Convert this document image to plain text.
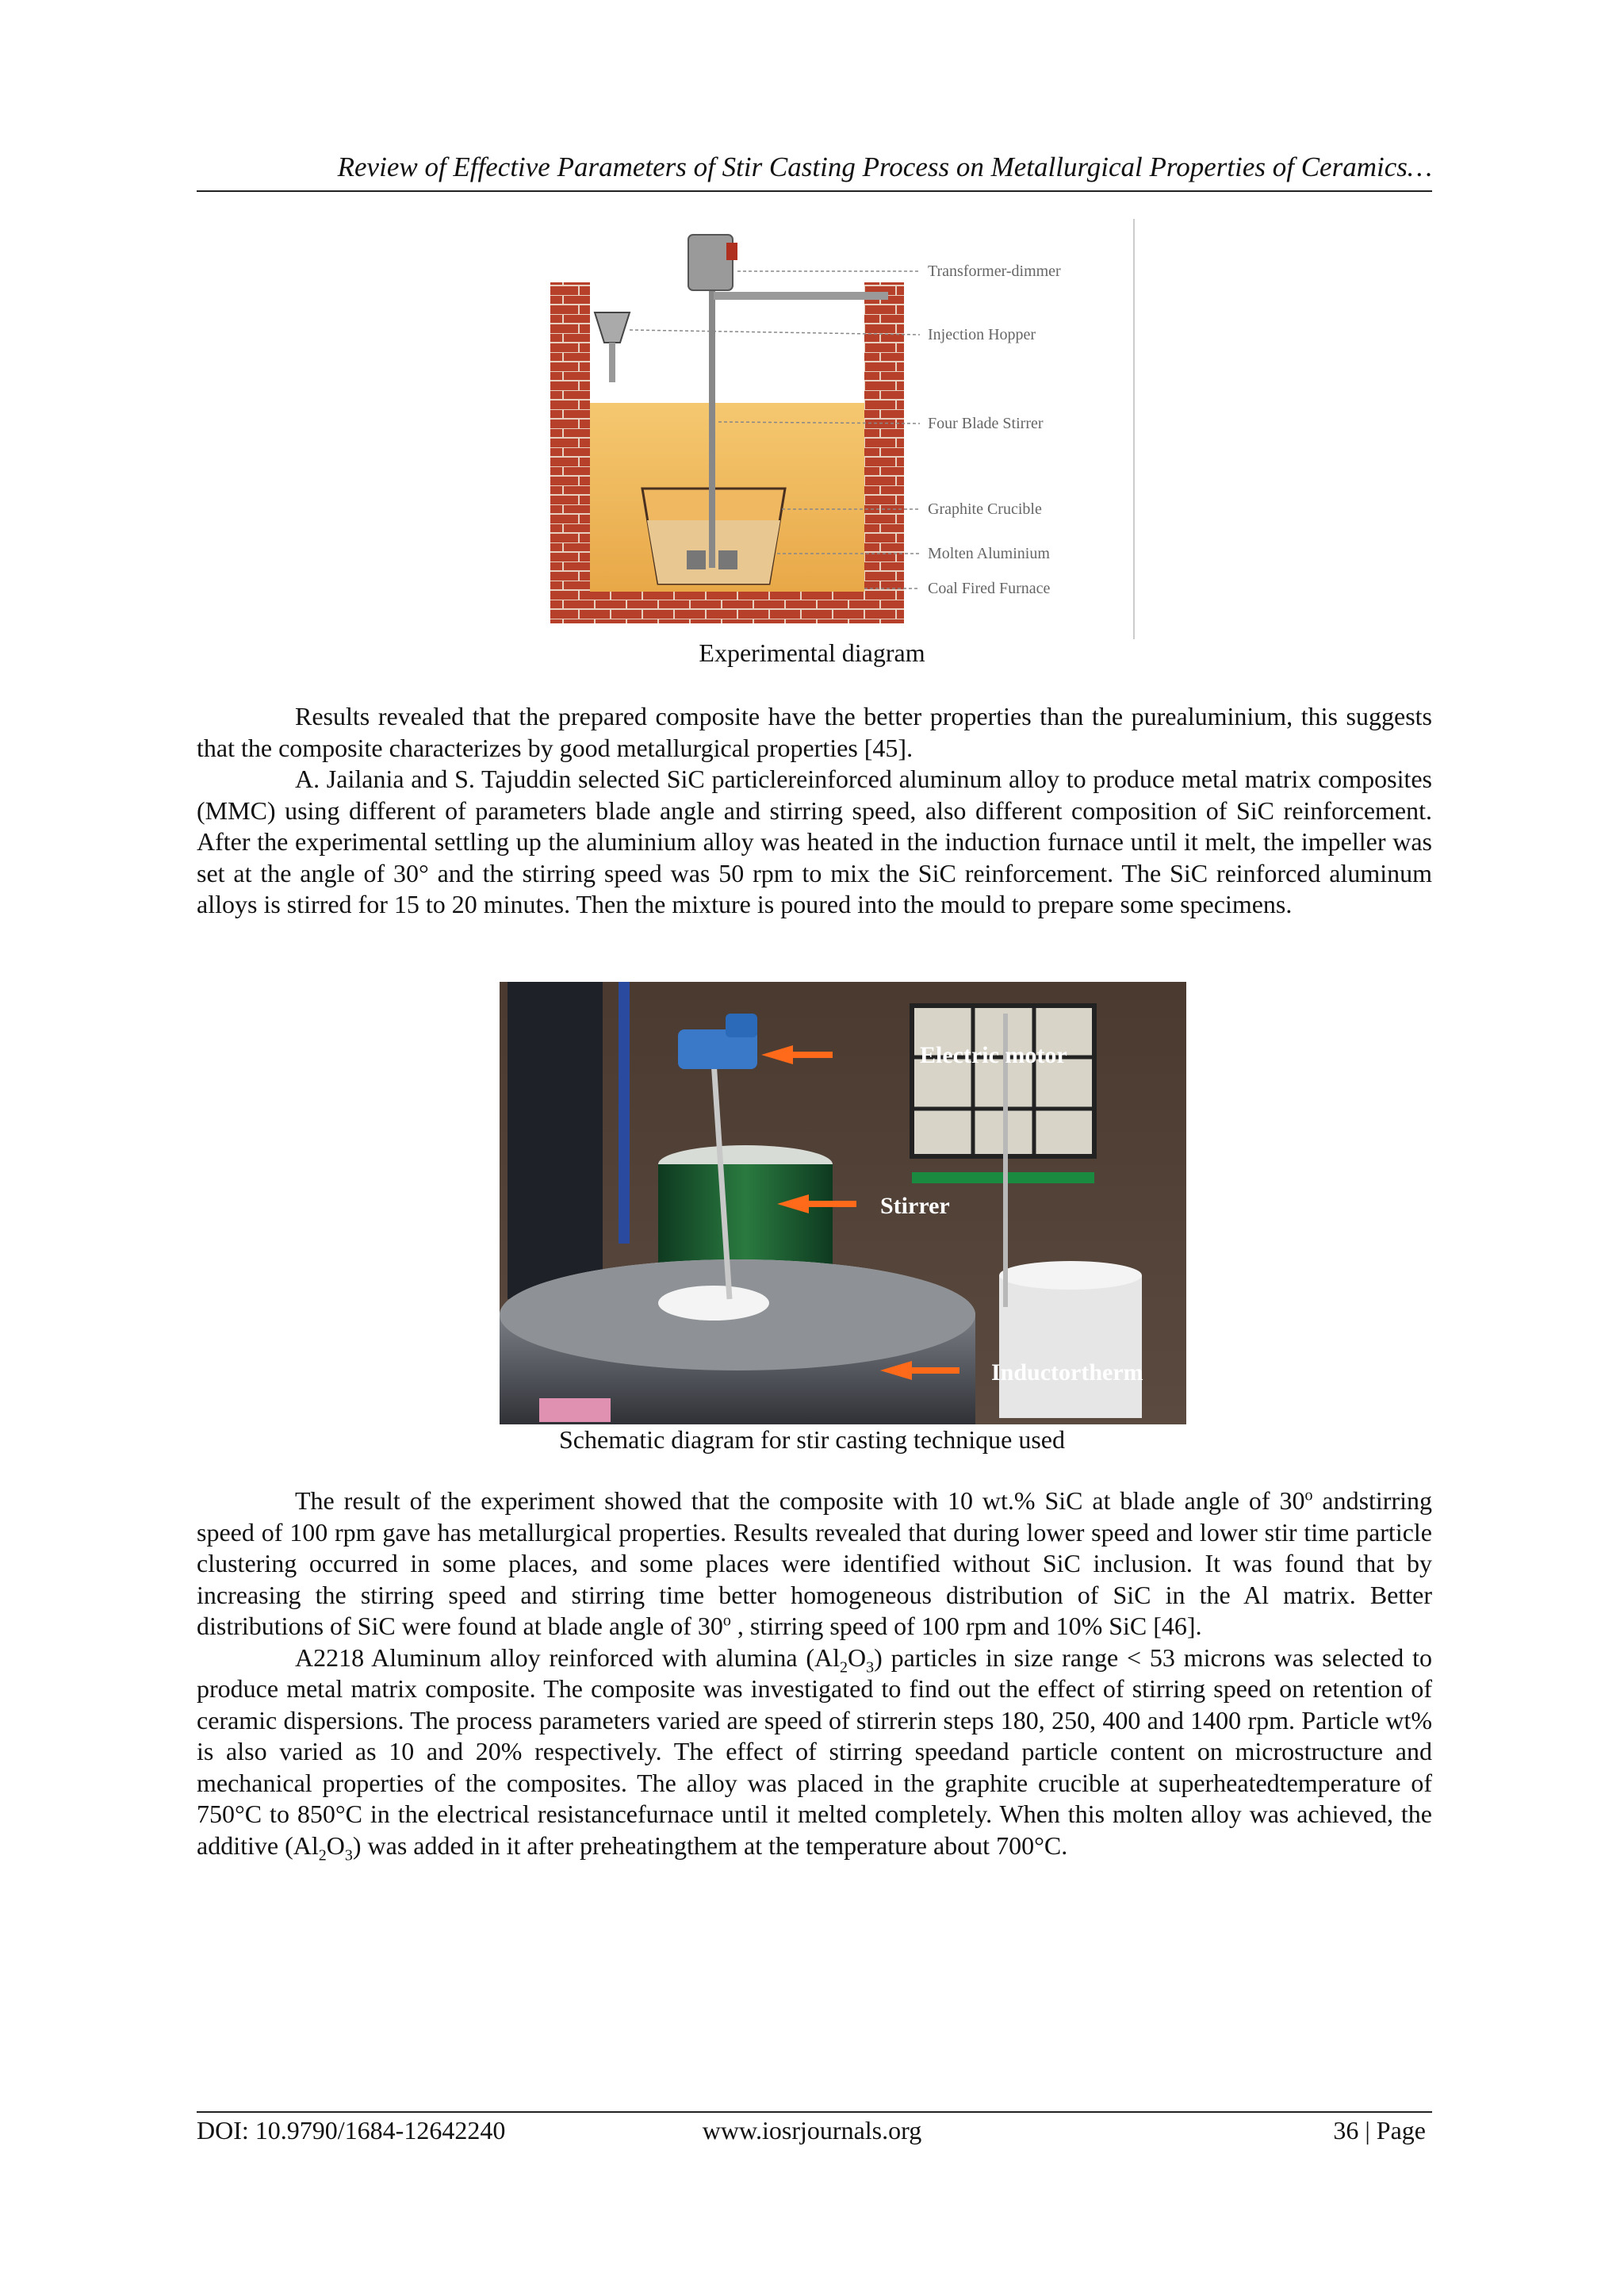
Review of Effective Parameters of Stir Casting Process on Metallurgical Properties of Ceramics…
Transformer-dimmer
Injection Hopper
Four Blade Stirrer
Graphite Crucible
Molten Aluminium
Coal Fired Furnace
Experimental diagram

Results revealed that the prepared composite have the better properties than the purealuminium, this suggests that the composite characterizes by good metallurgical properties [45].

A. Jailania and S. Tajuddin selected SiC particlereinforced aluminum alloy to produce metal matrix composites (MMC) using different of parameters blade angle and stirring speed, also different composition of SiC reinforcement. After the experimental settling up the aluminium alloy was heated in the induction furnace until it melt, the impeller was set at the angle of 30° and the stirring speed was 50 rpm to mix the SiC reinforcement. The SiC reinforced aluminum alloys is stirred for 15 to 20 minutes. Then the mixture is poured into the mould to prepare some specimens.

Electric motor
Stirrer
Inductortherm
Schematic diagram for stir casting technique used

The result of the experiment showed that the composite with 10 wt.% SiC at blade angle of 30$^o$ andstirring speed of 100 rpm gave has metallurgical properties. Results revealed that during lower speed and lower stir time particle clustering occurred in some places, and some places were identified without SiC inclusion. It was found that by increasing the stirring speed and stirring time better homogeneous distribution of SiC in the Al matrix. Better distributions of SiC were found at blade angle of 30$^o$ , stirring speed of 100 rpm and 10% SiC [46].

A2218 Aluminum alloy reinforced with alumina $(Al_2O_3)$ particles in size range < 53 microns was selected to produce metal matrix composite. The composite was investigated to find out the effect of stirring speed on retention of ceramic dispersions. The process parameters varied are speed of stirrerin steps 180, 250, 400 and 1400 rpm. Particle wt% is also varied as 10 and 20% respectively. The effect of stirring speedand particle content on microstructure and mechanical properties of the composites. The alloy was placed in the graphite crucible at superheatedtemperature of 750°C to 850°C in the electrical resistancefurnace until it melted completely. When this molten alloy was achieved, the additive $(Al_2O_3)$ was added in it after preheatingthem at the temperature about 700°C.

DOI: 10.9790/1684-12642240	www.iosrjournals.org	36 | Page
